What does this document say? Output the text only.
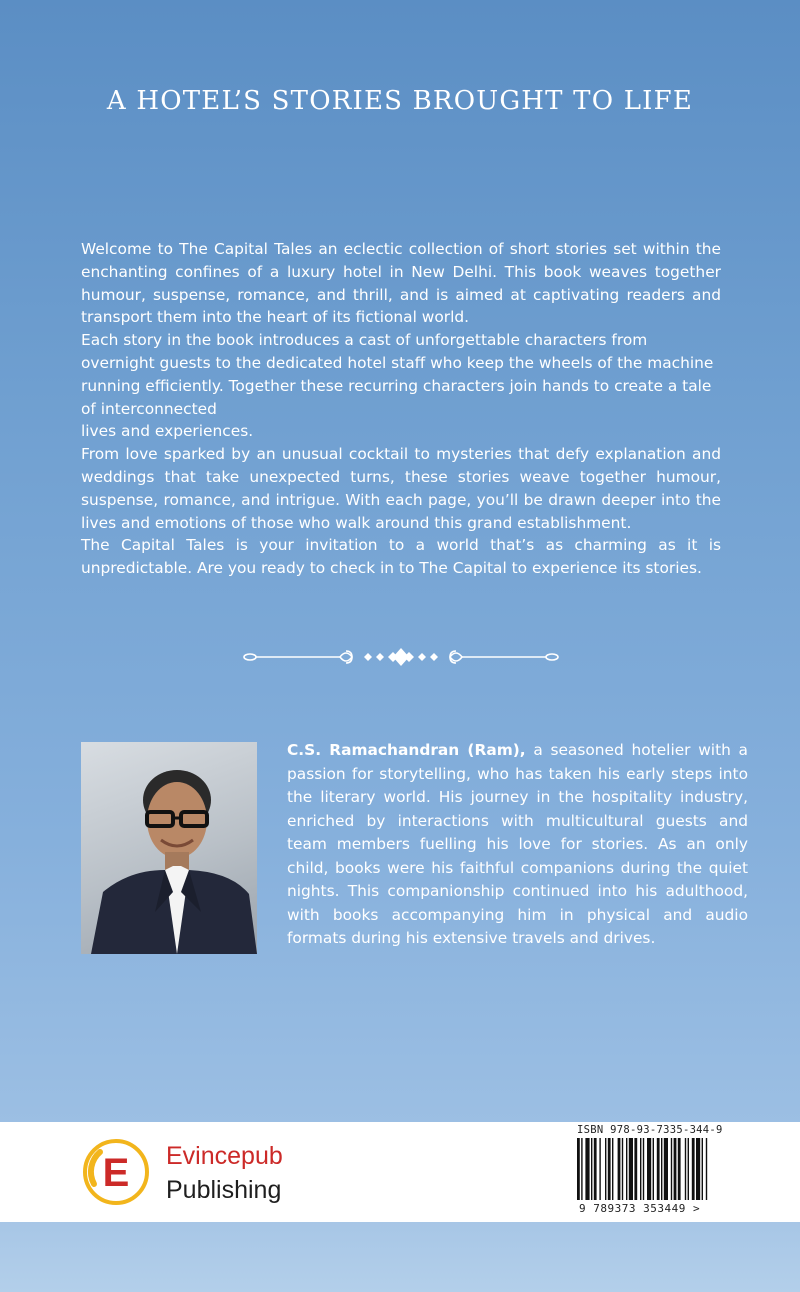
A HOTEL’S STORIES BROUGHT TO LIFE

Welcome to The Capital Tales an eclectic collection of short stories set within the enchanting confines of a luxury hotel in New Delhi. This book weaves together humour, suspense, romance, and thrill, and is aimed at captivating readers and transport them into the heart of its fictional world.

Each story in the book introduces a cast of unforgettable characters from overnight guests to the dedicated hotel staff who keep the wheels of the machine running efficiently. Together these recurring characters join hands to create a tale of interconnected

lives and experiences.

From love sparked by an unusual cocktail to mysteries that defy explanation and weddings that take unexpected turns, these stories weave together humour, suspense, romance, and intrigue. With each page, you’ll be drawn deeper into the lives and emotions of those who walk around this grand establishment.

The Capital Tales is your invitation to a world that’s as charming as it is unpredictable. Are you ready to check in to The Capital to experience its stories.

C.S. Ramachandran (Ram), a seasoned hotelier with a passion for storytelling, who has taken his early steps into the literary world. His journey in the hospitality industry, enriched by interactions with multicultural guests and team members fuelling his love for stories. As an only child, books were his faithful companions during the quiet nights. This companionship continued into his adulthood, with books accompanying him in physical and audio formats during his extensive travels and drives.

E Evincepub
Publishing
ISBN 978-93-7335-344-9
9 789373 353449 >
